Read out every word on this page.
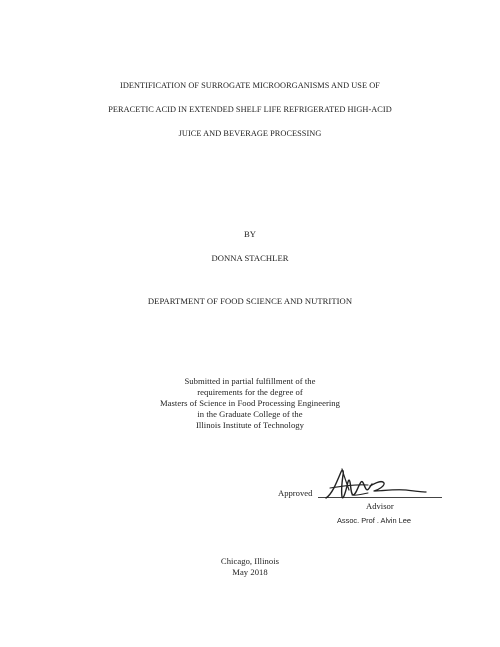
IDENTIFICATION OF SURROGATE MICROORGANISMS AND USE OF
PERACETIC ACID IN EXTENDED SHELF LIFE REFRIGERATED HIGH-ACID
JUICE AND BEVERAGE PROCESSING
BY
DONNA STACHLER
DEPARTMENT OF FOOD SCIENCE AND NUTRITION
Submitted in partial fulfillment of the
requirements for the degree of
Masters of Science in Food Processing Engineering
in the Graduate College of the
Illinois Institute of Technology
Approved
Advisor
Assoc. Prof . Alvin Lee
Chicago, Illinois
May 2018
